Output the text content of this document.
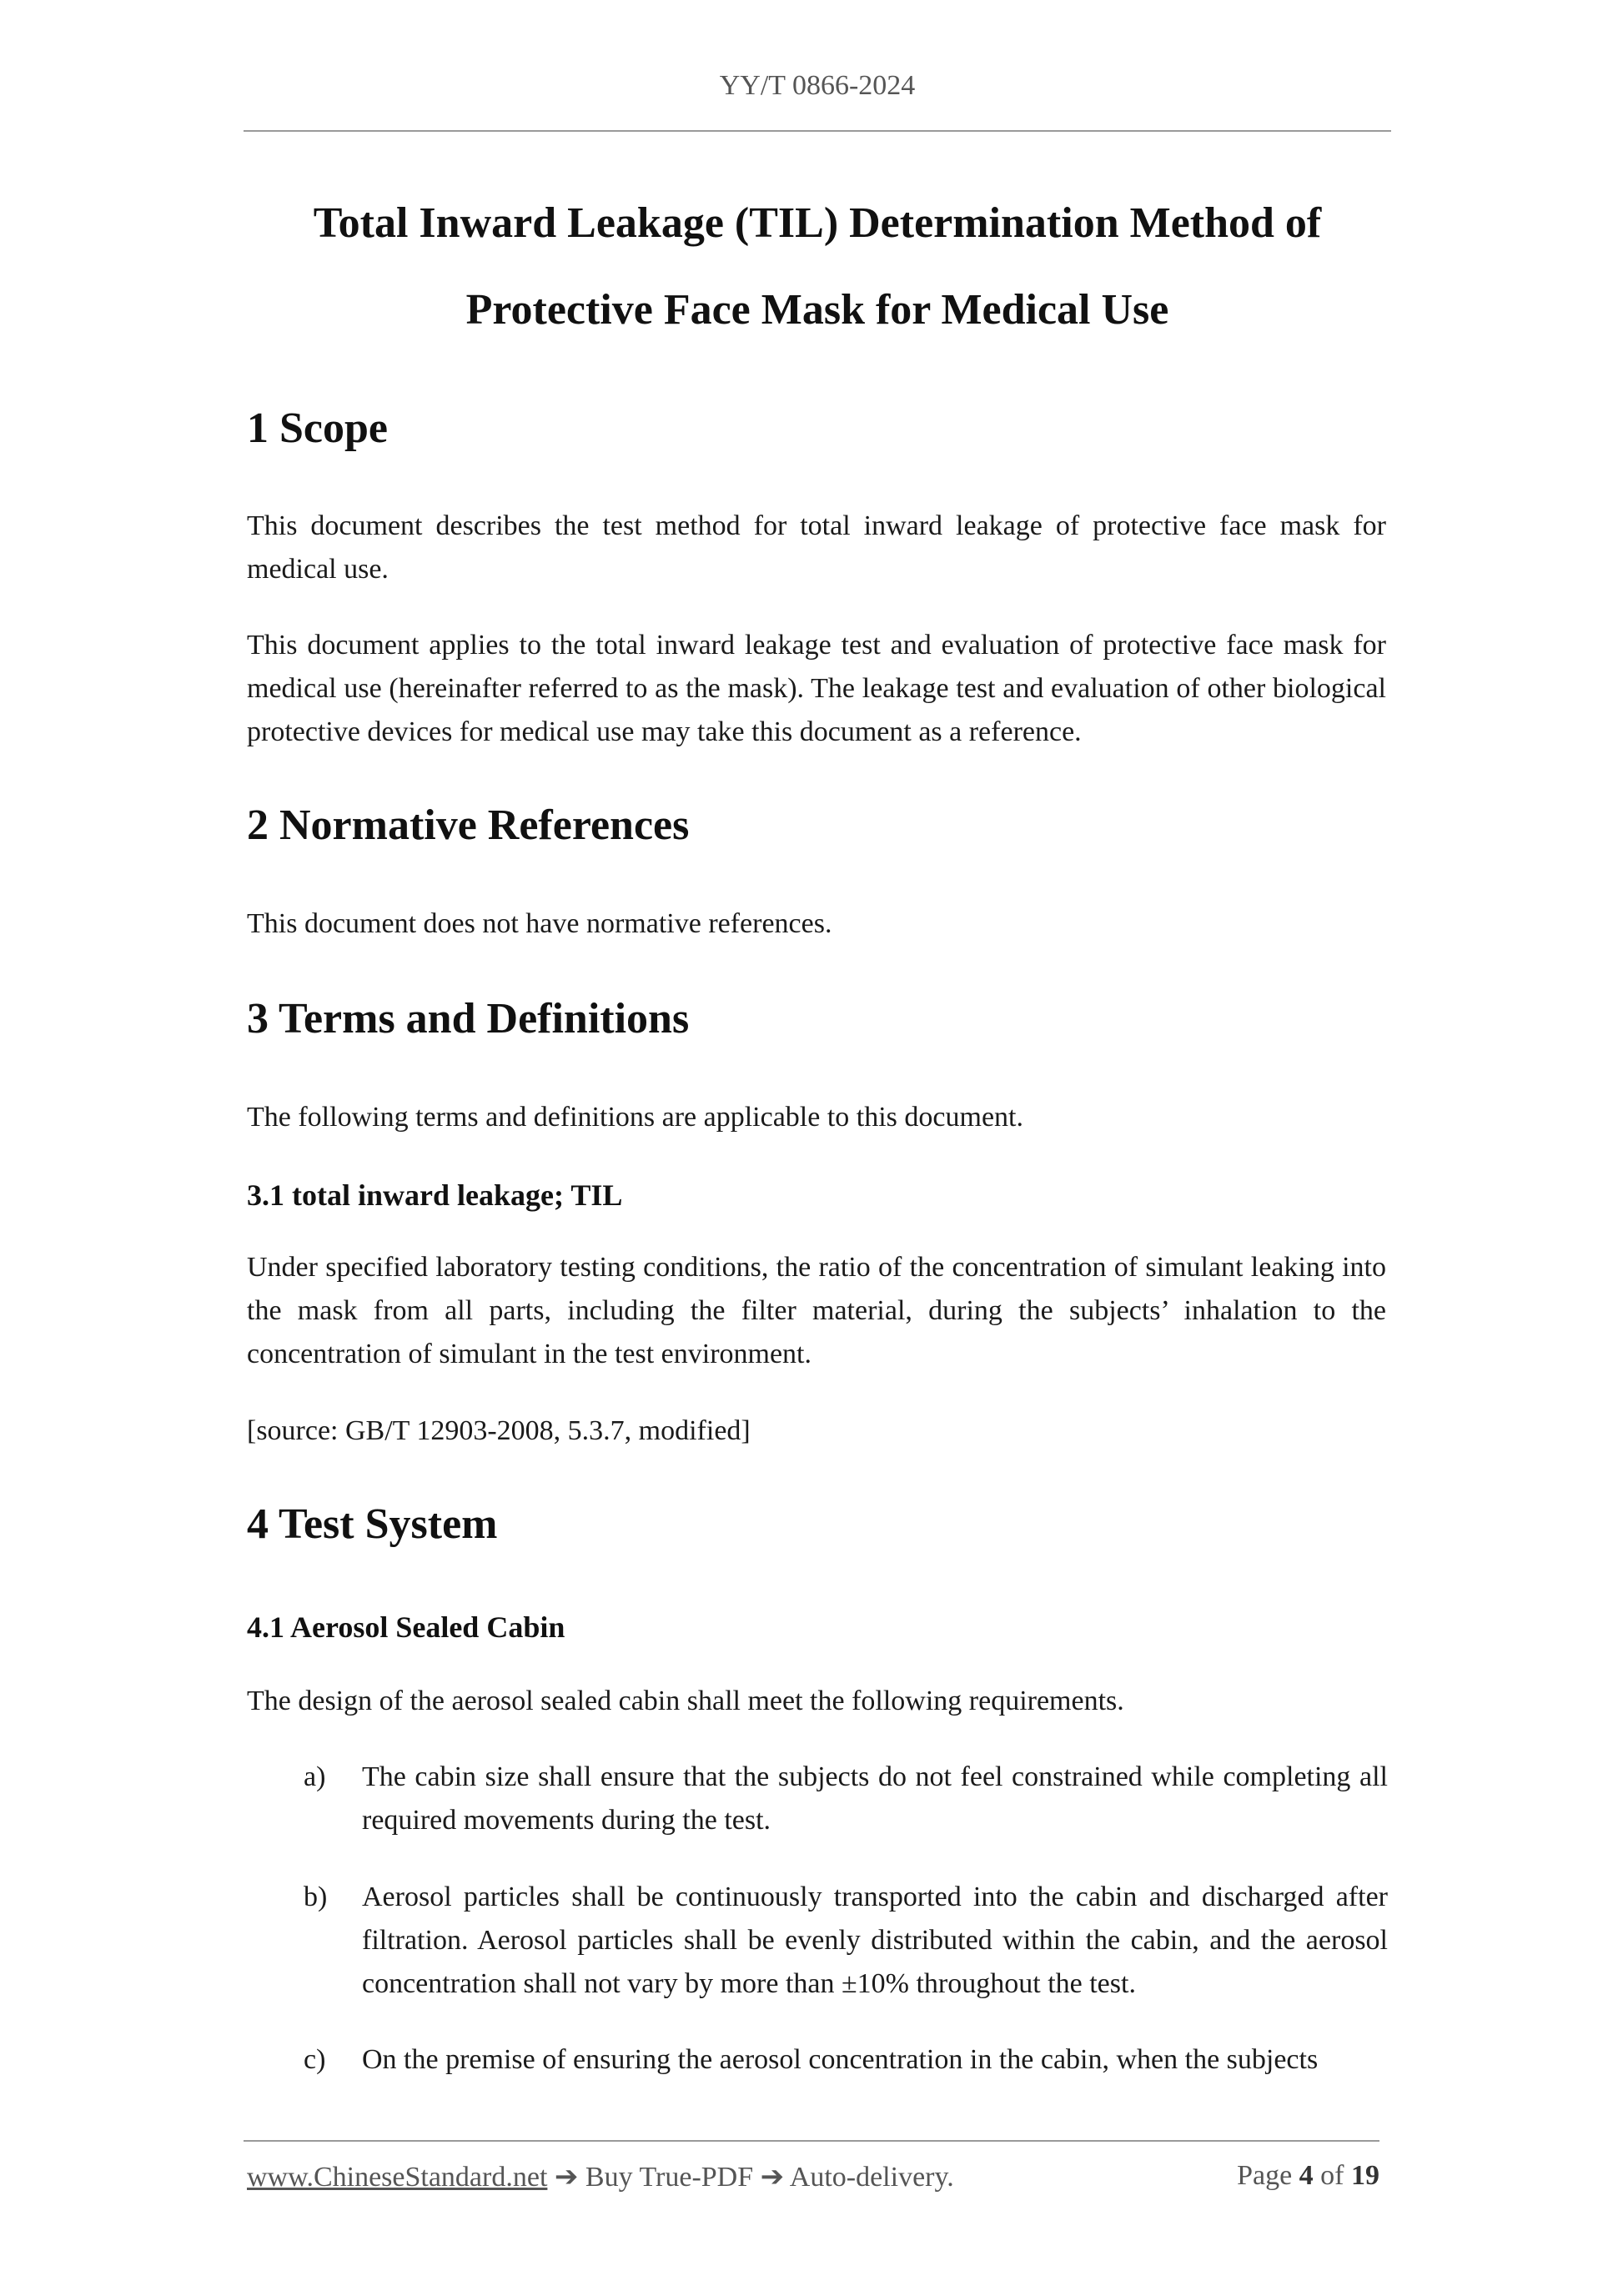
YY/T 0866-2024
Total Inward Leakage (TIL) Determination Method of
Protective Face Mask for Medical Use
1 Scope
This document describes the test method for total inward leakage of protective face mask for medical use.
This document applies to the total inward leakage test and evaluation of protective face mask for medical use (hereinafter referred to as the mask). The leakage test and evaluation of other biological protective devices for medical use may take this document as a reference.
2 Normative References
This document does not have normative references.
3 Terms and Definitions
The following terms and definitions are applicable to this document.
3.1 total inward leakage; TIL
Under specified laboratory testing conditions, the ratio of the concentration of simulant leaking into the mask from all parts, including the filter material, during the subjects’ inhalation to the concentration of simulant in the test environment.
[source: GB/T 12903-2008, 5.3.7, modified]
4 Test System
4.1 Aerosol Sealed Cabin
The design of the aerosol sealed cabin shall meet the following requirements.
a)	The cabin size shall ensure that the subjects do not feel constrained while completing all required movements during the test.
b)	Aerosol particles shall be continuously transported into the cabin and discharged after filtration. Aerosol particles shall be evenly distributed within the cabin, and the aerosol concentration shall not vary by more than ±10% throughout the test.
c)	On the premise of ensuring the aerosol concentration in the cabin, when the subjects
www.ChineseStandard.net ➔ Buy True-PDF ➔ Auto-delivery.	Page 4 of 19
